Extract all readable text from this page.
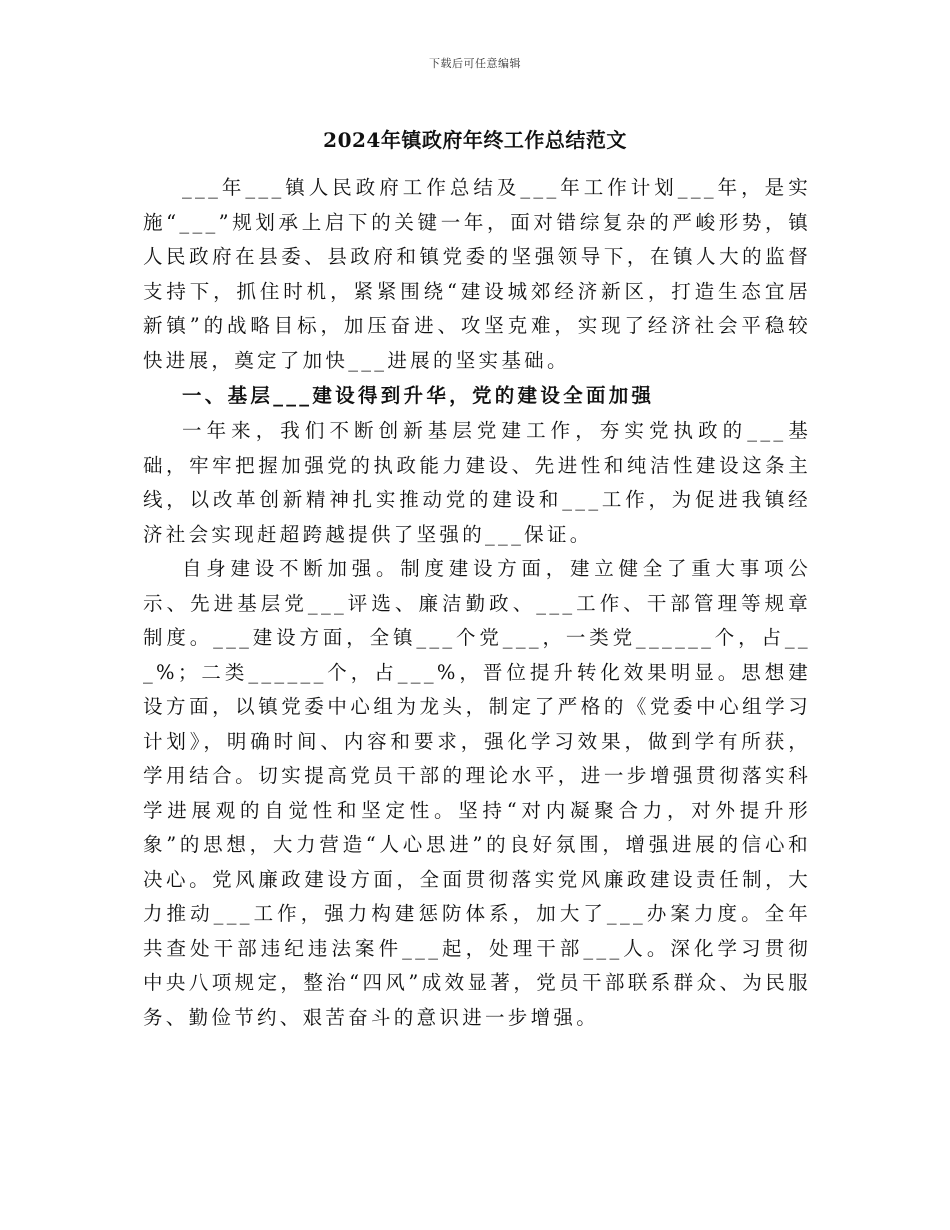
下载后可任意编辑
2024年镇政府年终工作总结范文

___年___镇人民政府工作总结及___年工作计划___年，是实施“___”规划承上启下的关键一年，面对错综复杂的严峻形势，镇人民政府在县委、县政府和镇党委的坚强领导下，在镇人大的监督支持下，抓住时机，紧紧围绕“建设城郊经济新区，打造生态宜居新镇”的战略目标，加压奋进、攻坚克难，实现了经济社会平稳较快进展，奠定了加快___进展的坚实基础。

一、基层___建设得到升华，党的建设全面加强

一年来，我们不断创新基层党建工作，夯实党执政的___基础，牢牢把握加强党的执政能力建设、先进性和纯洁性建设这条主线，以改革创新精神扎实推动党的建设和___工作，为促进我镇经济社会实现赶超跨越提供了坚强的___保证。

自身建设不断加强。制度建设方面，建立健全了重大事项公示、先进基层党___评选、廉洁勤政、___工作、干部管理等规章制度。___建设方面，全镇___个党___，一类党______个，占___%；二类______个，占___%，晋位提升转化效果明显。思想建设方面，以镇党委中心组为龙头，制定了严格的《党委中心组学习计划》，明确时间、内容和要求，强化学习效果，做到学有所获，学用结合。切实提高党员干部的理论水平，进一步增强贯彻落实科学进展观的自觉性和坚定性。坚持“对内凝聚合力，对外提升形象”的思想，大力营造“人心思进”的良好氛围，增强进展的信心和决心。党风廉政建设方面，全面贯彻落实党风廉政建设责任制，大力推动___工作，强力构建惩防体系，加大了___办案力度。全年共查处干部违纪违法案件___起，处理干部___人。深化学习贯彻中央八项规定，整治“四风”成效显著，党员干部联系群众、为民服务、勤俭节约、艰苦奋斗的意识进一步增强。
